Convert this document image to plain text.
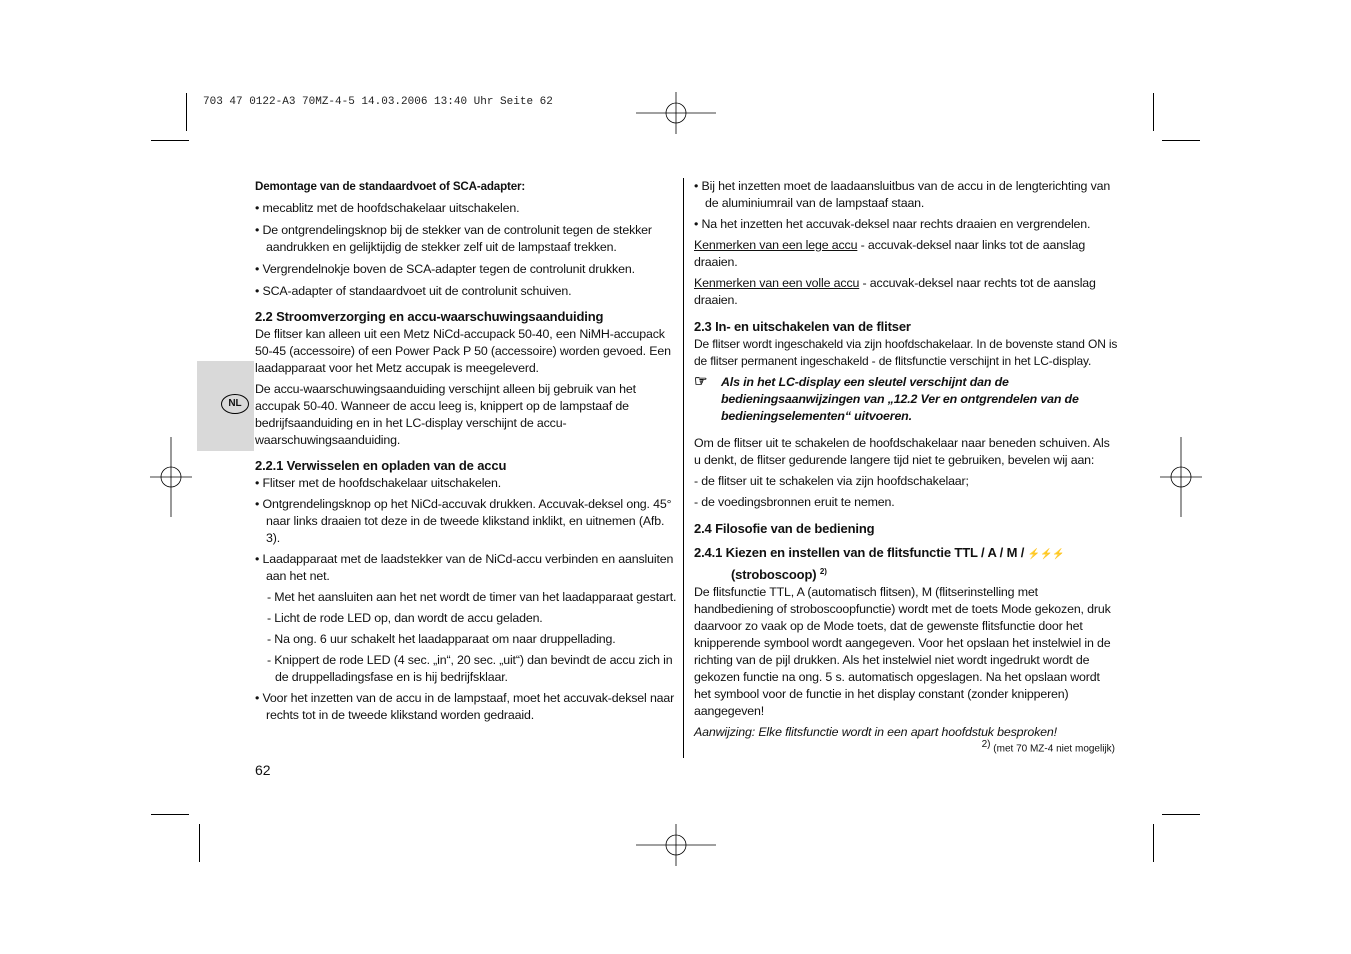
703 47 0122-A3 70MZ-4-5 14.03.2006 13:40 Uhr Seite 62
NL

Demontage van de standaardvoet of SCA-adapter:

• mecablitz met de hoofdschakelaar uitschakelen.

• De ontgrendelingsknop bij de stekker van de controlunit tegen de stekker aandrukken en gelijktijdig de stekker zelf uit de lampstaaf trekken.

• Vergrendelnokje boven de SCA-adapter tegen de controlunit drukken.

• SCA-adapter of standaardvoet uit de controlunit schuiven.

2.2 Stroomverzorging en accu-waarschuwingsaanduiding

De flitser kan alleen uit een Metz NiCd-accupack 50-40, een NiMH-accupack 50-45 (accessoire) of een Power Pack P 50 (accessoire) worden gevoed. Een laadapparaat voor het Metz accupak is meegeleverd.

De accu-waarschuwingsaanduiding verschijnt alleen bij gebruik van het accupak 50-40. Wanneer de accu leeg is, knippert op de lampstaaf de bedrijfsaanduiding en in het LC-display verschijnt de accu-waarschuwingsaanduiding.

2.2.1 Verwisselen en opladen van de accu

• Flitser met de hoofdschakelaar uitschakelen.

• Ontgrendelingsknop op het NiCd-accuvak drukken. Accuvak-deksel ong. 45° naar links draaien tot deze in de tweede klikstand inklikt, en uitnemen (Afb. 3).

• Laadapparaat met de laadstekker van de NiCd-accu verbinden en aansluiten aan het net.

- Met het aansluiten aan het net wordt de timer van het laadapparaat gestart.

- Licht de rode LED op, dan wordt de accu geladen.

- Na ong. 6 uur schakelt het laadapparaat om naar druppellading.

- Knippert de rode LED (4 sec. „in“, 20 sec. „uit“) dan bevindt de accu zich in de druppelladingsfase en is hij bedrijfsklaar.

• Voor het inzetten van de accu in de lampstaaf, moet het accuvak-deksel naar rechts tot in de tweede klikstand worden gedraaid.

62

• Bij het inzetten moet de laadaansluitbus van de accu in de lengterichting van de aluminiumrail van de lampstaaf staan.

• Na het inzetten het accuvak-deksel naar rechts draaien en vergrendelen.

Kenmerken van een lege accu - accuvak-deksel naar links tot de aanslag draaien.

Kenmerken van een volle accu - accuvak-deksel naar rechts tot de aanslag draaien.

2.3 In- en uitschakelen van de flitser

De flitser wordt ingeschakeld via zijn hoofdschakelaar. In de bovenste stand ON is de flitser permanent ingeschakeld - de flitsfunctie verschijnt in het LC-display.

☞ Als in het LC-display een sleutel verschijnt dan de bedieningsaanwijzingen van „12.2 Ver en ontgrendelen van de bedieningselementen“ uitvoeren.

Om de flitser uit te schakelen de hoofdschakelaar naar beneden schuiven. Als u denkt, de flitser gedurende langere tijd niet te gebruiken, bevelen wij aan:

- de flitser uit te schakelen via zijn hoofdschakelaar;

- de voedingsbronnen eruit te nemen.

2.4 Filosofie van de bediening

2.4.1 Kiezen en instellen van de flitsfunctie TTL / A / M / ⚡⚡⚡
(stroboscoop) $^{2)}$

De flitsfunctie TTL, A (automatisch flitsen), M (flitserinstelling met handbediening of stroboscoopfunctie) wordt met de toets Mode gekozen, druk daarvoor zo vaak op de Mode toets, dat de gewenste flitsfunctie door het knipperende symbool wordt aangegeven. Voor het opslaan het instelwiel in de richting van de pijl drukken. Als het instelwiel niet wordt ingedrukt wordt de gekozen functie na ong. 5 s. automatisch opgeslagen. Na het opslaan wordt het symbool voor de functie in het display constant (zonder knipperen) aangegeven!

Aanwijzing: Elke flitsfunctie wordt in een apart hoofdstuk besproken!

$^{2)}$ (met 70 MZ-4 niet mogelijk)
